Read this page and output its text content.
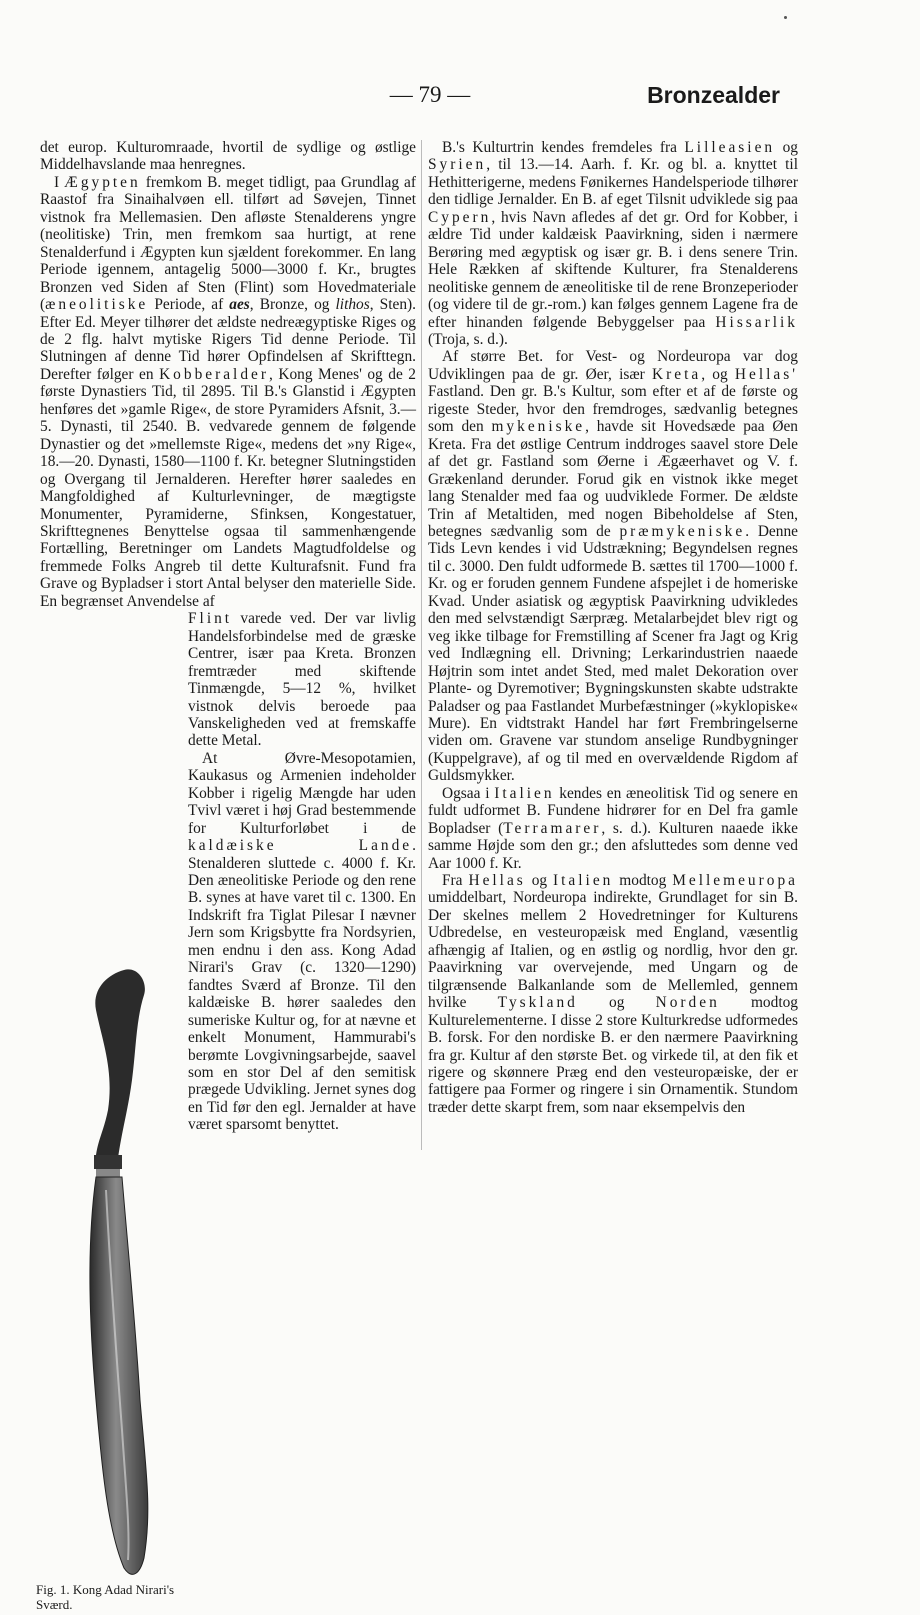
— 79 —	Bronzealder

det europ. Kulturomraade, hvortil de sydlige og østlige Middelhavslande maa henregnes.

I Ægypten fremkom B. meget tidligt, paa Grundlag af Raastof fra Sinaihalvøen ell. tilført ad Søvejen, Tinnet vistnok fra Mellemasien. Den afløste Stenalderens yngre (neolitiske) Trin, men fremkom saa hurtigt, at rene Stenalderfund i Ægypten kun sjældent forekommer. En lang Periode igennem, antagelig 5000—3000 f. Kr., brugtes Bronzen ved Siden af Sten (Flint) som Hovedmateriale (æneolitiske Periode, af aes, Bronze, og lithos, Sten). Efter Ed. Meyer tilhører det ældste nedreægyptiske Riges og de 2 flg. halvt mytiske Rigers Tid denne Periode. Til Slutningen af denne Tid hører Opfindelsen af Skrifttegn. Derefter følger en Kobberalder, Kong Menes' og de 2 første Dynastiers Tid, til 2895. Til B.'s Glanstid i Ægypten henføres det »gamle Rige«, de store Pyramiders Afsnit, 3.—5. Dynasti, til 2540. B. vedvarede gennem de følgende Dynastier og det »mellemste Rige«, medens det »ny Rige«, 18.—20. Dynasti, 1580—1100 f. Kr. betegner Slutningstiden og Overgang til Jernalderen. Herefter hører saaledes en Mangfoldighed af Kulturlevninger, de mægtigste Monumenter, Pyramiderne, Sfinksen, Kongestatuer, Skrifttegnenes Benyttelse ogsaa til sammenhængende Fortælling, Beretninger om Landets Magtudfoldelse og fremmede Folks Angreb til dette Kulturafsnit. Fund fra Grave og Bypladser i stort Antal belyser den materielle Side. En begrænset Anvendelse af

Fig. 1. Kong Adad Nirari's Sværd.
Flint varede ved. Der var livlig Handelsforbindelse med de græske Centrer, især paa Kreta. Bronzen fremtræder med skiftende Tinmængde, 5—12 %, hvilket vistnok delvis beroede paa Vanskeligheden ved at fremskaffe dette Metal.

At Øvre-Mesopotamien, Kaukasus og Armenien indeholder Kobber i rigelig Mængde har uden Tvivl været i høj Grad bestemmende for Kulturforløbet i de kaldæiske Lande. Stenalderen sluttede c. 4000 f. Kr. Den æneolitiske Periode og den rene B. synes at have varet til c. 1300. En Indskrift fra Tiglat Pilesar I nævner Jern som Krigsbytte fra Nordsyrien, men endnu i den ass. Kong Adad Nirari's Grav (c. 1320—1290) fandtes Sværd af Bronze. Til den kaldæiske B. hører saaledes den sumeriske Kultur og, for at nævne et enkelt Monument, Hammurabi's berømte Lovgivningsarbejde, saavel som en stor Del af den semitisk prægede Udvikling. Jernet synes dog en Tid før den egl. Jernalder at have været sparsomt benyttet.

B.'s Kulturtrin kendes fremdeles fra Lilleasien og Syrien, til 13.—14. Aarh. f. Kr. og bl. a. knyttet til Hethitterigerne, medens Fønikernes Handelsperiode tilhører den tidlige Jernalder. En B. af eget Tilsnit udviklede sig paa Cypern, hvis Navn afledes af det gr. Ord for Kobber, i ældre Tid under kaldæisk Paavirkning, siden i nærmere Berøring med ægyptisk og især gr. B. i dens senere Trin. Hele Rækken af skiftende Kulturer, fra Stenalderens neolitiske gennem de æneolitiske til de rene Bronzeperioder (og videre til de gr.-rom.) kan følges gennem Lagene fra de efter hinanden følgende Bebyggelser paa Hissarlik (Troja, s. d.).

Af større Bet. for Vest- og Nordeuropa var dog Udviklingen paa de gr. Øer, især Kreta, og Hellas' Fastland. Den gr. B.'s Kultur, som efter et af de første og rigeste Steder, hvor den fremdroges, sædvanlig betegnes som den mykeniske, havde sit Hovedsæde paa Øen Kreta. Fra det østlige Centrum inddroges saavel store Dele af det gr. Fastland som Øerne i Ægæerhavet og V. f. Grækenland derunder. Forud gik en vistnok ikke meget lang Stenalder med faa og uudviklede Former. De ældste Trin af Metaltiden, med nogen Bibeholdelse af Sten, betegnes sædvanlig som de præmykeniske. Denne Tids Levn kendes i vid Udstrækning; Begyndelsen regnes til c. 3000. Den fuldt udformede B. sættes til 1700—1000 f. Kr. og er foruden gennem Fundene afspejlet i de homeriske Kvad. Under asiatisk og ægyptisk Paavirkning udvikledes den med selvstændigt Særpræg. Metalarbejdet blev rigt og veg ikke tilbage for Fremstilling af Scener fra Jagt og Krig ved Indlægning ell. Drivning; Lerkarindustrien naaede Højtrin som intet andet Sted, med malet Dekoration over Plante- og Dyremotiver; Bygningskunsten skabte udstrakte Paladser og paa Fastlandet Murbefæstninger (»kyklopiske« Mure). En vidtstrakt Handel har ført Frembringelserne viden om. Gravene var stundom anselige Rundbygninger (Kuppelgrave), af og til med en overvældende Rigdom af Guldsmykker.

Ogsaa i Italien kendes en æneolitisk Tid og senere en fuldt udformet B. Fundene hidrører for en Del fra gamle Bopladser (Terramarer, s. d.). Kulturen naaede ikke samme Højde som den gr.; den afsluttedes som denne ved Aar 1000 f. Kr.

Fra Hellas og Italien modtog Mellemeuropa umiddelbart, Nordeuropa indirekte, Grundlaget for sin B. Der skelnes mellem 2 Hovedretninger for Kulturens Udbredelse, en vesteuropæisk med England, væsentlig afhængig af Italien, og en østlig og nordlig, hvor den gr. Paavirkning var overvejende, med Ungarn og de tilgrænsende Balkanlande som de Mellemled, gennem hvilke Tyskland og Norden modtog Kulturelementerne. I disse 2 store Kulturkredse udformedes B. forsk. For den nordiske B. er den nærmere Paavirkning fra gr. Kultur af den største Bet. og virkede til, at den fik et rigere og skønnere Præg end den vesteuropæiske, der er fattigere paa Former og ringere i sin Ornamentik. Stundom træder dette skarpt frem, som naar eksempelvis den
